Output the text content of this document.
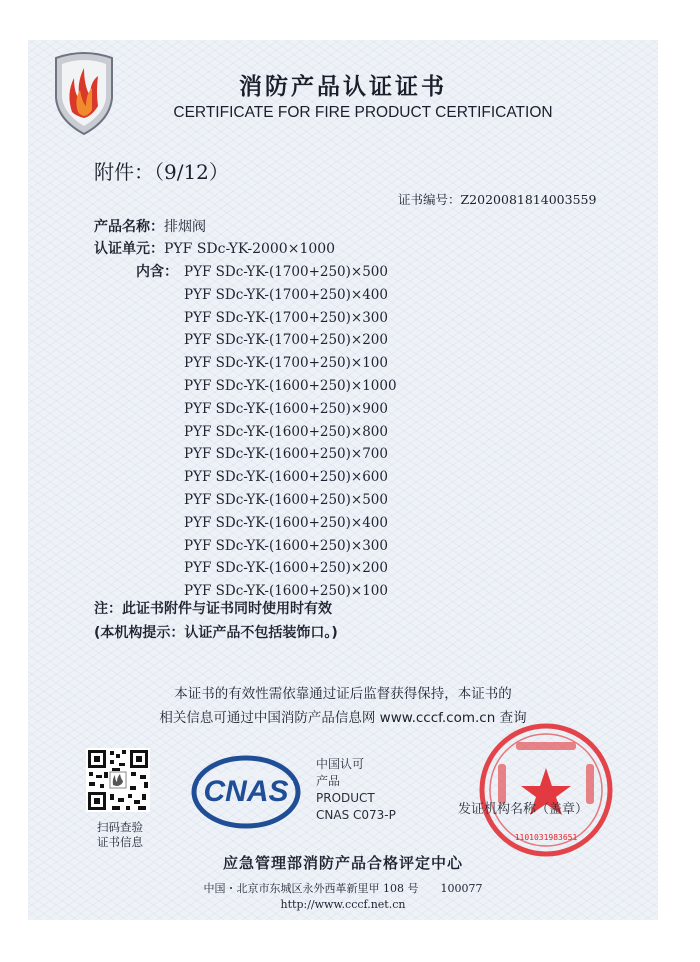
消防产品认证证书
CERTIFICATE FOR FIRE PRODUCT CERTIFICATION
附件：（9/12）
证书编号：Z2020081814003559
产品名称：排烟阀
认证单元：PYF SDc-YK-2000×1000
内含： PYF SDc-YK-(1700+250)×500
PYF SDc-YK-(1700+250)×400
PYF SDc-YK-(1700+250)×300
PYF SDc-YK-(1700+250)×200
PYF SDc-YK-(1700+250)×100
PYF SDc-YK-(1600+250)×1000
PYF SDc-YK-(1600+250)×900
PYF SDc-YK-(1600+250)×800
PYF SDc-YK-(1600+250)×700
PYF SDc-YK-(1600+250)×600
PYF SDc-YK-(1600+250)×500
PYF SDc-YK-(1600+250)×400
PYF SDc-YK-(1600+250)×300
PYF SDc-YK-(1600+250)×200
PYF SDc-YK-(1600+250)×100
注：此证书附件与证书同时使用时有效
(本机构提示：认证产品不包括装饰口。)
本证书的有效性需依靠通过证后监督获得保持，本证书的
相关信息可通过中国消防产品信息网 www.cccf.com.cn 查询
扫码查验
证书信息
CNAS
中国认可
产品
PRODUCT
CNAS C073-P
1101031983651
发证机构名称（盖章）
应急管理部消防产品合格评定中心
中国・北京市东城区永外西革新里甲 108 号　　100077
http://www.cccf.net.cn
